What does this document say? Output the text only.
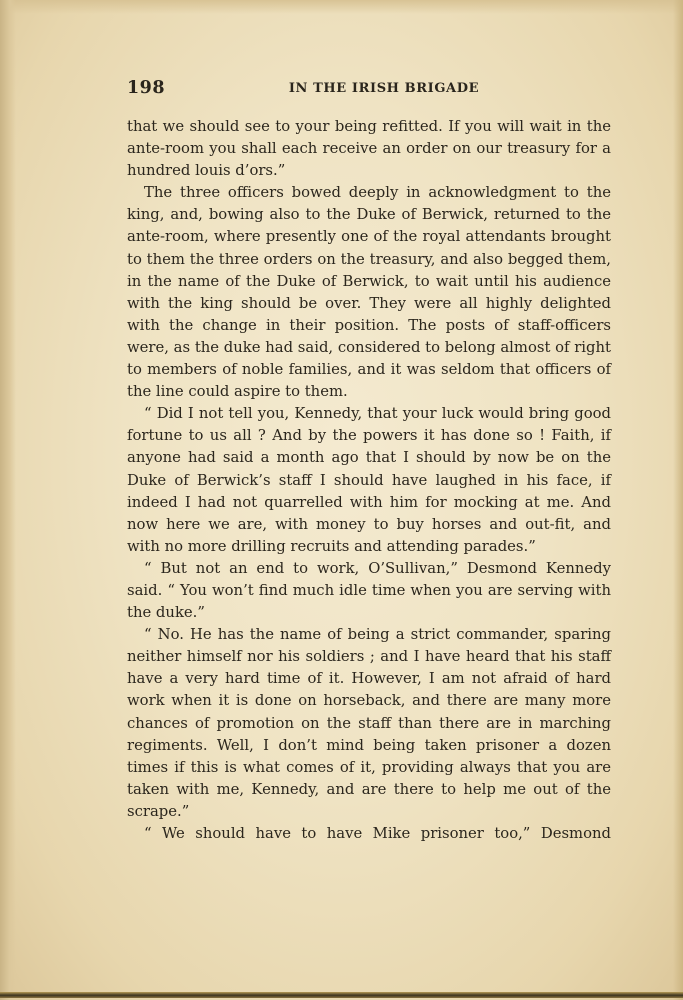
198	IN THE IRISH BRIGADE

that we should see to your being refitted. If you will wait in the ante-room you shall each receive an order on our treasury for a hundred louis d’ors.”

The three officers bowed deeply in acknowledgment to the king, and, bowing also to the Duke of Berwick, returned to the ante-room, where presently one of the royal attendants brought to them the three orders on the treasury, and also begged them, in the name of the Duke of Berwick, to wait until his audience with the king should be over. They were all highly delighted with the change in their position. The posts of staff-officers were, as the duke had said, considered to belong almost of right to members of noble families, and it was seldom that officers of the line could aspire to them.

“ Did I not tell you, Kennedy, that your luck would bring good fortune to us all ? And by the powers it has done so ! Faith, if anyone had said a month ago that I should by now be on the Duke of Berwick’s staff I should have laughed in his face, if indeed I had not quarrelled with him for mocking at me. And now here we are, with money to buy horses and out-fit, and with no more drilling recruits and attending parades.”

“ But not an end to work, O’Sullivan,” Desmond Kennedy said. “ You won’t find much idle time when you are serving with the duke.”

“ No. He has the name of being a strict commander, sparing neither himself nor his soldiers ; and I have heard that his staff have a very hard time of it. However, I am not afraid of hard work when it is done on horseback, and there are many more chances of promotion on the staff than there are in marching regiments. Well, I don’t mind being taken prisoner a dozen times if this is what comes of it, providing always that you are taken with me, Kennedy, and are there to help me out of the scrape.”

“ We should have to have Mike prisoner too,” Desmond
